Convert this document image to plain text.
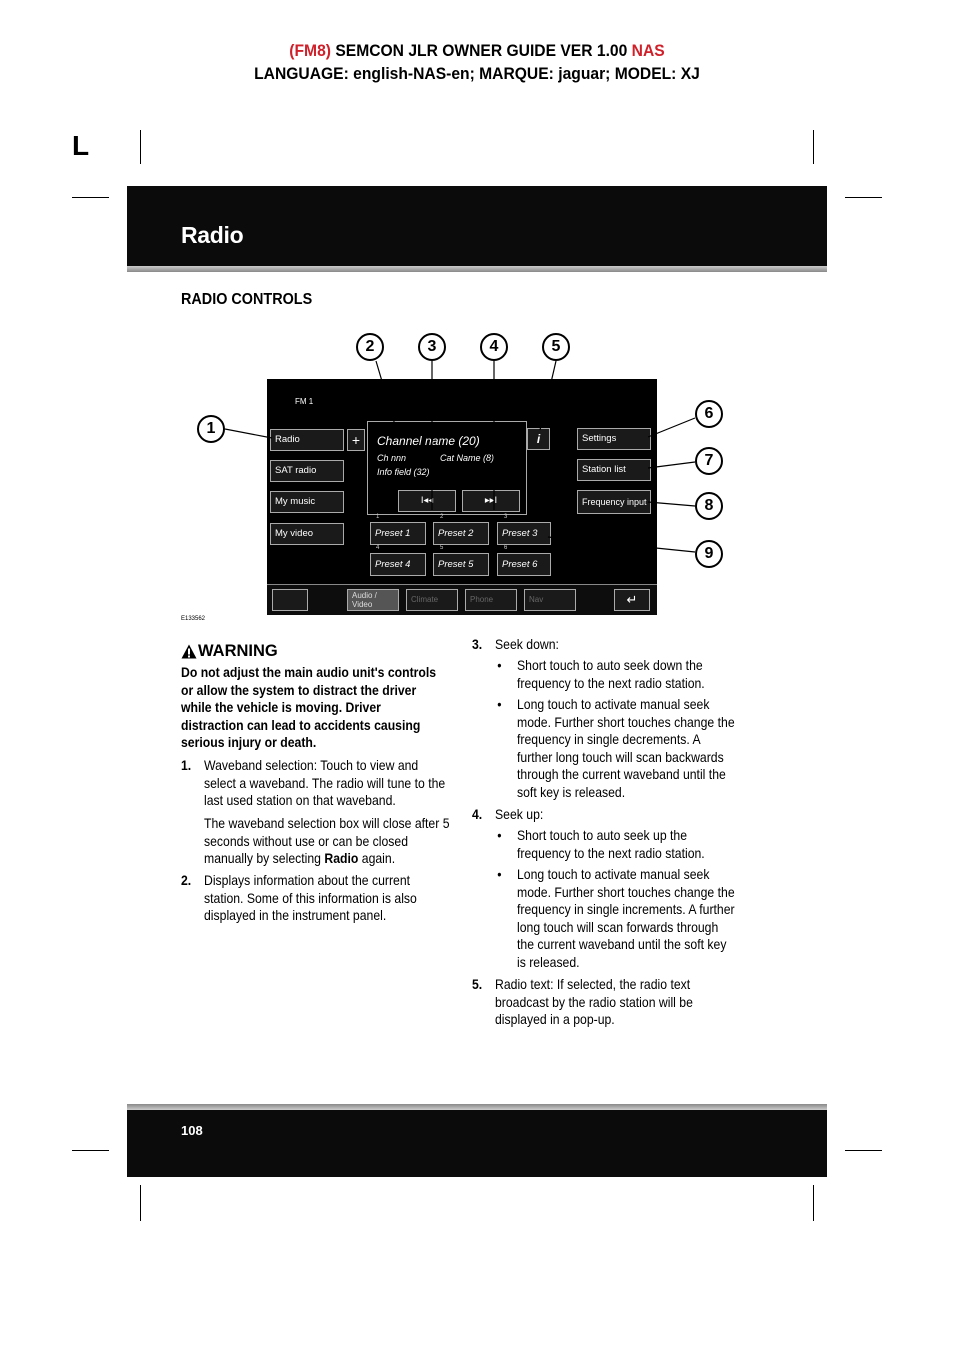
(FM8) SEMCON JLR OWNER GUIDE VER 1.00 NAS
LANGUAGE: english-NAS-en; MARQUE: jaguar; MODEL: XJ
L
Radio
RADIO CONTROLS
FM 1
Radio	+
SAT radio
My music
My video
Channel name (20)
Ch nnn	Cat Name (8)
Info field (32)
i
I◂◂	▸▸I
Settings
Station list
Frequency input
1	2	3
Preset 1	Preset 2	Preset 3
4	5	6
Preset 4	Preset 5	Preset 6
Audio / Video
Climate	Phone	Nav	↵
1
2	3	4	5
6
7
8
9
E133562
WARNING
Do not adjust the main audio unit's controls or allow the system to distract the driver while the vehicle is moving. Driver distraction can lead to accidents causing serious injury or death.
1. Waveband selection: Touch to view and select a waveband. The radio will tune to the last used station on that waveband.
The waveband selection box will close after 5 seconds without use or can be closed manually by selecting Radio again.
2. Displays information about the current station. Some of this information is also displayed in the instrument panel.
3. Seek down:
• Short touch to auto seek down the frequency to the next radio station.
• Long touch to activate manual seek mode. Further short touches change the frequency in single decrements. A further long touch will scan backwards through the current waveband until the soft key is released.
4. Seek up:
• Short touch to auto seek up the frequency to the next radio station.
• Long touch to activate manual seek mode. Further short touches change the frequency in single increments. A further long touch will scan forwards through the current waveband until the soft key is released.
5. Radio text: If selected, the radio text broadcast by the radio station will be displayed in a pop-up.
108
